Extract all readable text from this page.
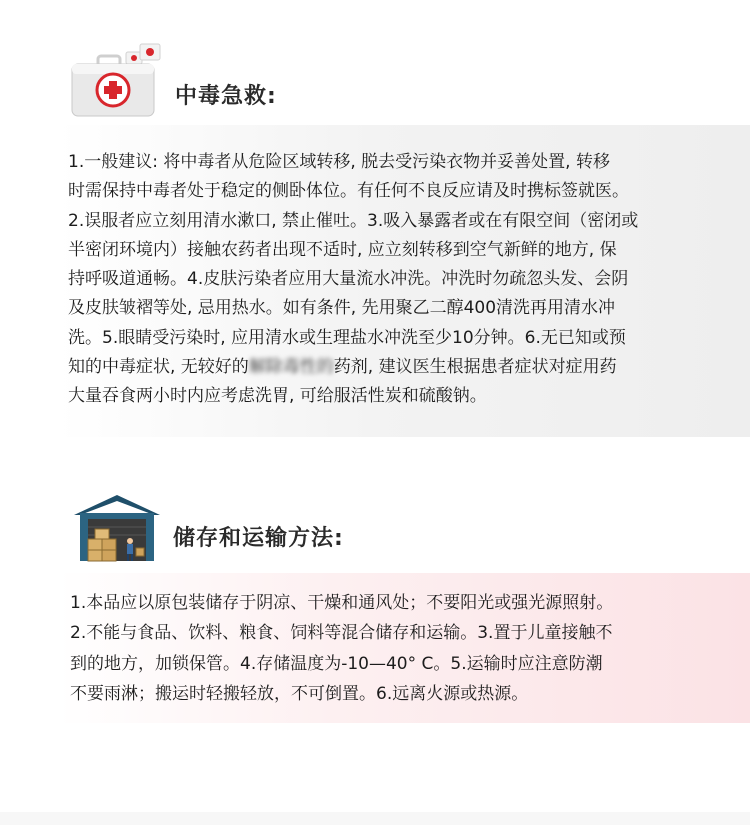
中毒急救:
1.一般建议: 将中毒者从危险区域转移, 脱去受污染衣物并妥善处置, 转移
时需保持中毒者处于稳定的侧卧体位。有任何不良反应请及时携标签就医。
2.误服者应立刻用清水漱口, 禁止催吐。3.吸入暴露者或在有限空间（密闭或
半密闭环境内）接触农药者出现不适时, 应立刻转移到空气新鲜的地方, 保
持呼吸道通畅。4.皮肤污染者应用大量流水冲洗。冲洗时勿疏忽头发、会阴
及皮肤皱褶等处, 忌用热水。如有条件, 先用聚乙二醇400清洗再用清水冲
洗。5.眼睛受污染时, 应用清水或生理盐水冲洗至少10分钟。6.无已知或预
知的中毒症状, 无较好的解除毒性的药剂, 建议医生根据患者症状对症用药
大量吞食两小时内应考虑洗胃, 可给服活性炭和硫酸钠。
储存和运输方法:
1.本品应以原包装储存于阴凉、干燥和通风处；不要阳光或强光源照射。
2.不能与食品、饮料、粮食、饲料等混合储存和运输。3.置于儿童接触不
到的地方，加锁保管。4.存储温度为-10—40° C。5.运输时应注意防潮
不要雨淋；搬运时轻搬轻放，不可倒置。6.远离火源或热源。
